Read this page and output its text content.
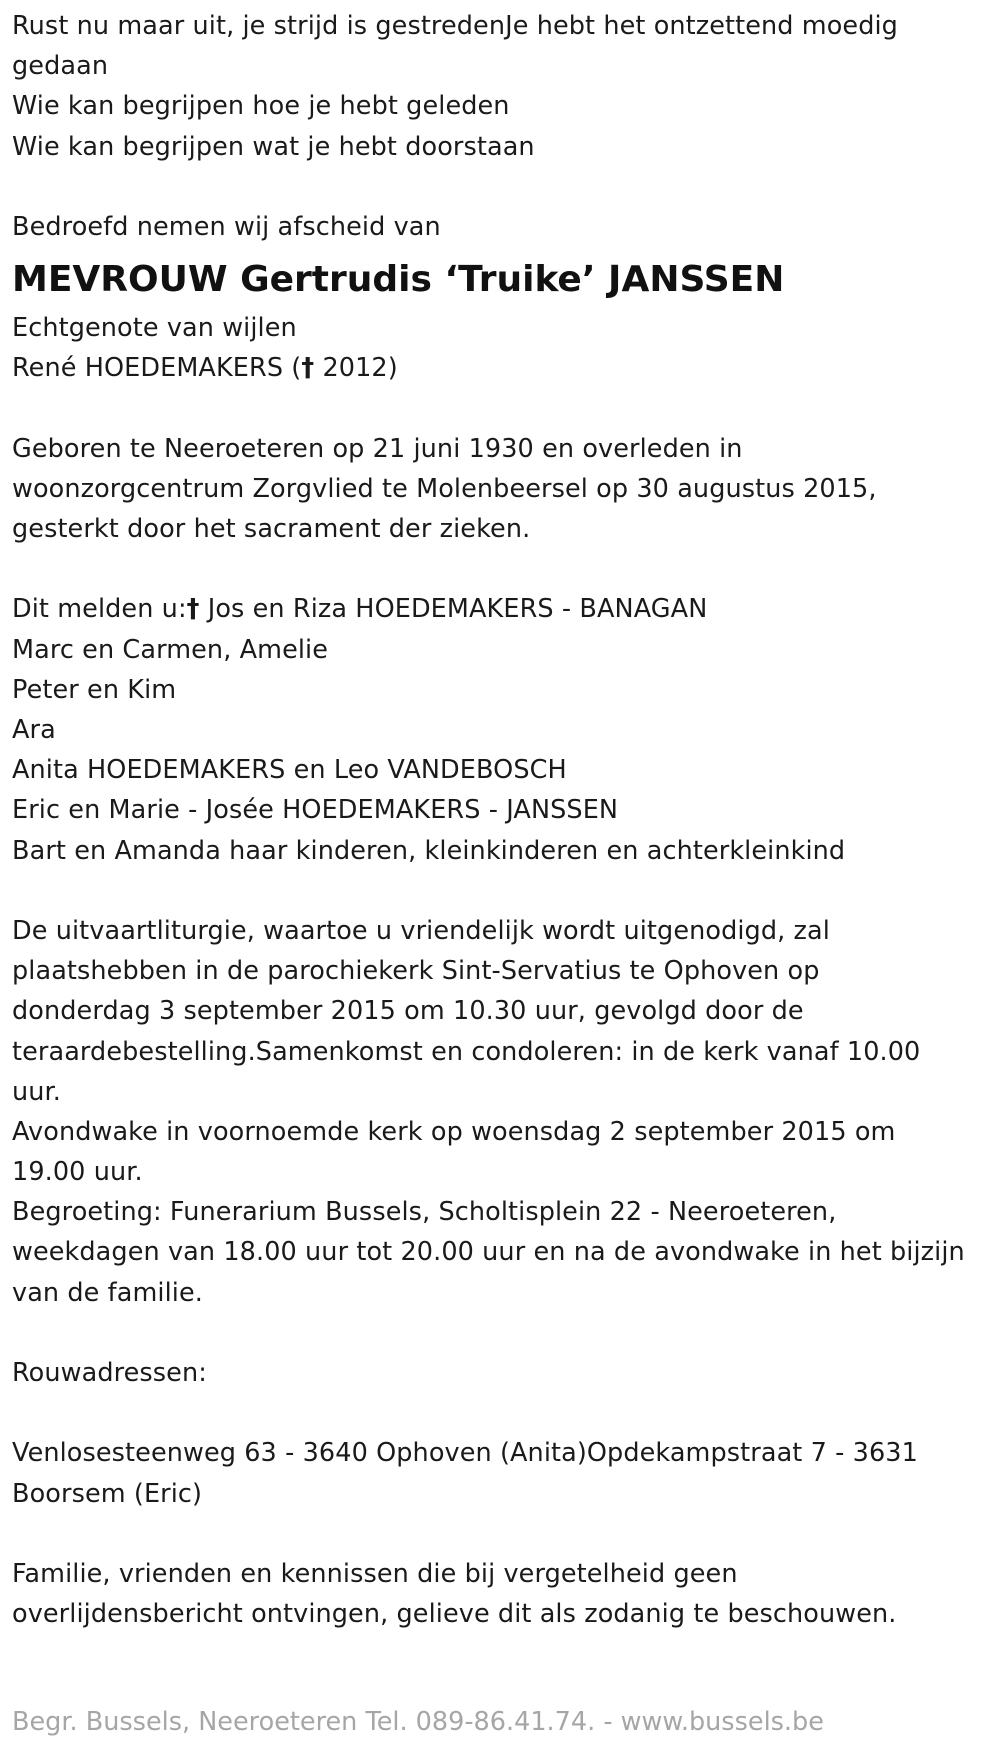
Rust nu maar uit, je strijd is gestredenJe hebt het ontzettend moedig
gedaan
Wie kan begrijpen hoe je hebt geleden
Wie kan begrijpen wat je hebt doorstaan
Bedroefd nemen wij afscheid van
MEVROUW Gertrudis ‘Truike’ JANSSEN
Echtgenote van wijlen
René HOEDEMAKERS († 2012)
Geboren te Neeroeteren op 21 juni 1930 en overleden in
woonzorgcentrum Zorgvlied te Molenbeersel op 30 augustus 2015,
gesterkt door het sacrament der zieken.
Dit melden u:† Jos en Riza HOEDEMAKERS - BANAGAN
Marc en Carmen, Amelie
Peter en Kim
Ara
Anita HOEDEMAKERS en Leo VANDEBOSCH
Eric en Marie - Josée HOEDEMAKERS - JANSSEN
Bart en Amanda haar kinderen, kleinkinderen en achterkleinkind
De uitvaartliturgie, waartoe u vriendelijk wordt uitgenodigd, zal
plaatshebben in de parochiekerk Sint-Servatius te Ophoven op
donderdag 3 september 2015 om 10.30 uur, gevolgd door de
teraardebestelling.Samenkomst en condoleren: in de kerk vanaf 10.00
uur.
Avondwake in voornoemde kerk op woensdag 2 september 2015 om
19.00 uur.
Begroeting: Funerarium Bussels, Scholtisplein 22 - Neeroeteren,
weekdagen van 18.00 uur tot 20.00 uur en na de avondwake in het bijzijn
van de familie.
Rouwadressen:
Venlosesteenweg 63 - 3640 Ophoven (Anita)Opdekampstraat 7 - 3631
Boorsem (Eric)
Familie, vrienden en kennissen die bij vergetelheid geen
overlijdensbericht ontvingen, gelieve dit als zodanig te beschouwen.
Begr. Bussels, Neeroeteren Tel. 089-86.41.74. - www.bussels.be
